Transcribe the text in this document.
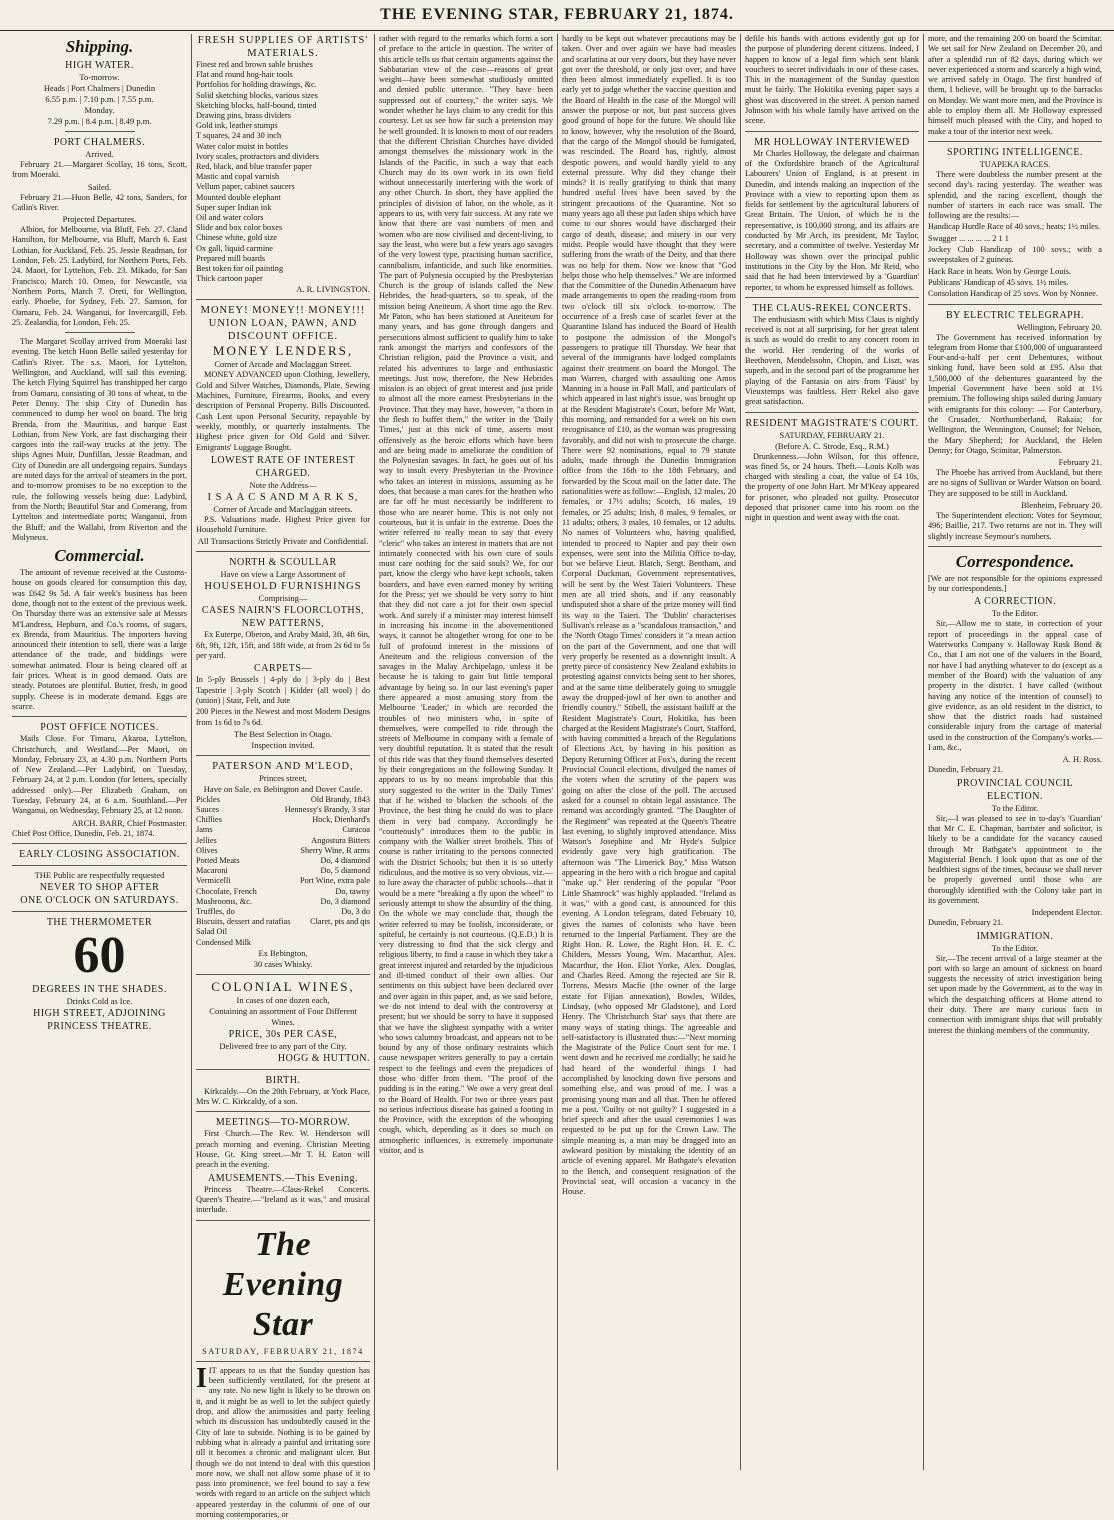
THE EVENING STAR, FEBRUARY 21, 1874.
Shipping.
HIGH WATER.
To-morrow.
Heads | Port Chalmers | Dunedin
6.55 p.m. | 7.10 p.m. | 7.55 p.m.
Monday.
7.29 p.m. | 8.4 p.m. | 8.49 p.m.
PORT CHALMERS.
Arrived.

February 21.—Margaret Scollay, 16 tons, Scott, from Moeraki.

Sailed.

February 21.—Huon Belle, 42 tons, Sanders, for Catlin's River.

Projected Departures.

Albion, for Melbourne, via Bluff, Feb. 27. Cland Hamilton, for Melbourne, via Bluff, March 6. East Lothian, for Auckland, Feb. 25. Jessie Readman, for London, Feb. 25. Ladybird, for Northern Ports, Feb. 24. Maori, for Lyttelton, Feb. 23. Mikado, for San Francisco, March 10. Omeo, for Newcastle, via Northern Ports, March 7. Oreti, for Wellington, early. Phoebe, for Sydney, Feb. 27. Samson, for Oamaru, Feb. 24. Wanganui, for Invercargill, Feb. 25. Zealandia, for London, Feb. 25.

The Margaret Scollay arrived from Moeraki last evening. The ketch Huon Belle sailed yesterday for Catlin's River. The s.s. Maori, for Lyttelton, Wellington, and Auckland, will sail this evening. The ketch Flying Squirrel has transhipped her cargo from Oamaru, consisting of 30 tons of wheat, to the Peter Denny. The ship City of Dunedin has commenced to dump her wool on board. The brig Brenda, from the Mauritius, and barque East Lothian, from New York, are fast discharging their cargoes into the rail-way trucks at the jetty. The ships Agnes Muir, Dunfillan, Jessie Readman, and City of Dunedin are all undergoing repairs. Sundays are noted days for the arrival of steamers in the port, and to-morrow promises to be no exception to the rule, the following vessels being due: Ladybird, from the North; Beautiful Star and Comerang, from Lyttelton and intermediate ports; Wanganui, from the Bluff; and the Wallabi, from Riverton and the Molyneux.

Commercial.

The amount of revenue received at the Customs-house on goods cleared for consumption this day, was £642 9s 5d. A fair week's business has been done, though not to the extent of the previous week. On Thursday there was an extensive sale at Messrs M'Landress, Hepburn, and Co.'s rooms, of sugars, ex Brenda, from Mauritius. The importers having announced their intention to sell, there was a large attendance of the trade, and biddings were somewhat animated. Flour is being cleared off at fair prices. Wheat is in good demand. Oats are steady. Potatoes are plentiful. Butter, fresh, in good supply. Cheese is in moderate demand. Eggs are scarce.

POST OFFICE NOTICES.

Mails Close. For Timaru, Akaroa, Lyttelton, Christchurch, and Westland.—Per Maori, on Monday, February 23, at 4.30 p.m. Northern Ports of New Zealand.—Per Ladybird, on Tuesday, February 24, at 2 p.m. London (for letters, specially addressed only).—Per Elizabeth Graham, on Tuesday, February 24, at 6 a.m. Southland.—Per Wanganui, on Wednesday, February 25, at 12 noon.

ARCH. BARR, Chief Postmaster.

Chief Post Office, Dunedin, Feb. 21, 1874.

EARLY CLOSING ASSOCIATION.
THE Public are respectfully requested
NEVER TO SHOP AFTER
ONE O'CLOCK ON SATURDAYS.
THE THERMOMETER
60
DEGREES IN THE SHADES.
Drinks Cold as Ice.
HIGH STREET, ADJOINING PRINCESS THEATRE.
FRESH SUPPLIES OF ARTISTS' MATERIALS.
Finest red and brown sable brushes
Flat and round hog-hair tools
Portfolios for holding drawings, &c.
Solid sketching blocks, various sizes
Sketching blocks, half-bound, tinted
Drawing pins, brass dividers
Gold ink, leather stumps
T squares, 24 and 30 inch
Water color moist in bottles
Ivory scales, protractors and dividers
Red, black, and blue transfer paper
Mastic and copal varnish
Vellum paper, cabinet saucers
Mounted double elephant
Super super Indian ink
Oil and water colors
Slide and box color boxes
Chinese white, gold size
Ox gall, liquid carmine
Prepared mill boards
Best token for oil painting
Thick cartoon paper
A. R. LIVINGSTON.
MONEY! MONEY!! MONEY!!!
UNION LOAN, PAWN, AND DISCOUNT OFFICE.
MONEY LENDERS,
Corner of Arcade and Maclaggan Street.

MONEY ADVANCED upon Clothing, Jewellery, Gold and Silver Watches, Diamonds, Plate, Sewing Machines, Furniture, Firearms, Books, and every description of Personal Property. Bills Discounted. Cash Lent upon Personal Security, repayable by weekly, monthly, or quarterly instalments. The Highest price given for Old Gold and Silver. Emigrants' Luggage Bought.

LOWEST RATE OF INTEREST CHARGED.
Note the Address—
I S A A C S AND M A R K S,
Corner of Arcade and Maclaggan streets.

P.S. Valuations made. Highest Price given for Household Furniture.

All Transactions Strictly Private and Confidential.
NORTH & SCOULLAR
Have on view a Large Assortment of
HOUSEHOLD FURNISHINGS
Comprising—
CASES NAIRN'S FLOORCLOTHS, NEW PATTERNS,

Ex Euterpe, Oberon, and Araby Maid, 3ft, 4ft 6in, 6ft, 9ft, 12ft, 15ft, and 18ft wide, at from 2s 6d to 5s per yard.

CARPETS—

In 5-ply Brussels | 4-ply do | 3-ply do | Best Tapestrie | 3-ply Scotch | Kidder (all wool) | do (union) | Stair, Felt, and Jute

200 Pieces in the Newest and most Modern Designs from 1s 6d to 7s 6d.

The Best Selection in Otago.
Inspection invited.
PATERSON AND M'LEOD,
Princes street,
Have on Sale, ex Bebington and Dover Castle.
Pickles	Old Brandy, 1843
Sauces	Hennessy's Brandy, 3 star
Chillies	Hock, Dienhard's
Jams	Curacoa
Jellies	Angostura Bitters
Olives	Sherry Wine, R arms
Potted Meats	Do, 4 diamond
Macaroni	Do, 5 diamond
Vermicelli	Port Wine, extra pale
Chocolate, French	Do, tawny
Mushrooms, &c.	Do, 3 diamond
Truffles, do	Do, 3 do
Biscuits, dessert and ratafias Claret, pts and qts
Salad Oil
Condensed Milk
Ex Bebington,
30 cases Whisky.
COLONIAL WINES,
In cases of one dozen each,
Containing an assortment of Four Different
Wines.
PRICE, 30s PER CASE,
Delivered free to any part of the City.
HOGG & HUTTON.
BIRTH.

Kirkcaldy.—On the 20th February, at York Place, Mrs W. C. Kirkcaldy, of a son.

MEETINGS—TO-MORROW.

First Church.—The Rev. W. Henderson will preach morning and evening. Christian Meeting House, Gt. King street.—Mr T. H. Eaton will preach in the evening.

AMUSEMENTS.—This Evening.

Princess Theatre.—Claus-Rekel Concerts. Queen's Theatre.—"Ireland as it was," and musical interlude.

The Evening Star
SATURDAY, FEBRUARY 21, 1874

IIT appears to us that the Sunday question has been sufficiently ventilated, for the present at any rate. No new light is likely to be thrown on it, and it might be as well to let the subject quietly drop, and allow the animosities and party feeling which its discussion has undoubtedly caused in the City of late to subside. Nothing is to be gained by rubbing what is already a painful and irritating sore till it becomes a chronic and malignant ulcer. But though we do not intend to deal with this question more now, we shall not allow some phase of it to pass into prominence, we feel bound to say a few words with regard to an article on the subject which appeared yesterday in the columns of one of our morning contemporaries, or

rather with regard to the remarks which form a sort of preface to the article in question. The writer of this article tells us that certain arguments against the Sabbatarian view of the case—reasons of great weight—have been somewhat studiously omitted and denied public utterance. "They have been suppressed out of courtesy," the writer says. We wonder whether he lays claim to any credit for this courtesy. Let us see how far such a pretension may be well grounded. It is known to most of our readers that the different Christian Churches have divided amongst themselves the missionary work in the Islands of the Pacific, in such a way that each Church may do its own work in its own field without unnecessarily interfering with the work of any other Church. In short, they have applied the principles of division of labor, on the whole, as it appears to us, with very fair success. At any rate we know that there are vast numbers of men and women who are now civilised and decent-living, to say the least, who were but a few years ago savages of the very lowest type, practising human sacrifice, cannibalism, infanticide, and such like enormities. The part of Polynesia occupied by the Presbyterian Church is the group of islands called the New Hebrides, the head-quarters, so to speak, of the mission being Aneiteum. A short time ago the Rev. Mr Paton, who has been stationed at Aneiteum for many years, and has gone through dangers and persecutions almost sufficient to qualify him to take rank amongst the martyrs and confessors of the Christian religion, paid the Province a visit, and related his adventures to large and enthusiastic meetings. Just now, therefore, the New Hebrides mission is an object of great interest and just pride to almost all the more earnest Presbyterians in the Province. That they may have, however, "a thorn in the flesh to buffet them," the writer in the 'Daily Times,' just at this nick of time, asserts most offensively as the heroic efforts which have been and are being made to ameliorate the condition of the Polynesian savages. In fact, he goes out of his way to insult every Presbyterian in the Province who takes an interest in missions, assuming as he does, that because a man cares for the heathen who are far off he must necessarily be indifferent to those who are nearer home. This is not only not courteous, but it is unfair in the extreme. Does the writer referred to really mean to say that every "cleric" who takes an interest in matters that are not intimately connected with his own cure of souls must care nothing for the said souls? We, for our part, know the clergy who have kept schools, taken boarders, and have even earned money by writing for the Press; yet we should be very sorry to hint that they did not care a jot for their own special work. And surely if a minister may interest himself in increasing his income in the abovementioned ways, it cannot be altogether wrong for one to be full of profound interest in the missions of Aneiteum and the religious conversion of the savages in the Malay Archipelago, unless it be because he is taking to gain but little temporal advantage by being so. In our last evening's paper there appeared a most amusing story from the Melbourne 'Leader,' in which are recorded the troubles of two ministers who, in spite of themselves, were compelled to ride through the streets of Melbourne in company with a female of very doubtful reputation. It is stated that the result of this ride was that they found themselves deserted by their congregations on the following Sunday. It appears to us by no means improbable that this story suggested to the writer in the 'Daily Times' that if he wished to blacken the schools of the Province, the best thing he could do was to place them in very bad company. Accordingly he "courteously" introduces them to the public in company with the Walker street brothels. This of course is rather irritating to the persons connected with the District Schools; but then it is so utterly ridiculous, and the motive is so very obvious, viz.—to lure away the character of public schools—that it would be a mere "breaking a fly upon the wheel" to seriously attempt to show the absurdity of the thing. On the whole we may conclude that, though the writer referred to may be foolish, inconsiderate, or spiteful, he certainly is not courteous. (Q.E.D.) It is very distressing to find that the sick clergy and religious liberty, to find a cause in which they take a great interest injured and retarded by the injudicious and ill-timed conduct of their own allies. Our sentiments on this subject have been declared over and over again in this paper, and, as we said before, we do not intend to deal with the controversy at present; but we should be sorry to have it supposed that we have the slightest sympathy with a writer who sows calumny broadcast, and appears not to be bound by any of those ordinary restraints which cause newspaper writers generally to pay a certain respect to the feelings and even the prejudices of those who differ from them. "The proof of the pudding is in the eating." We owe a very great deal to the Board of Health. For two or three years past no serious infectious disease has gained a footing in the Province, with the exception of the whooping cough, which, depending as it does so much on atmospheric influences, is extremely importunate visitor, and is

hardly to be kept out whatever precautions may be taken. Over and over again we have had measles and scarlatina at our very doors, but they have never got over the threshold, or only just over, and have then been almost immediately expelled. It is too early yet to judge whether the vaccine question and the Board of Health in the case of the Mongol will answer the purpose or not, but past success gives good ground of hope for the future. We should like to know, however, why the resolution of the Board, that the cargo of the Mongol should be fumigated, was rescinded. The Board has, rightly, almost despotic powers, and would hardly yield to any external pressure. Why did they change their minds? It is really gratifying to think that many hundred useful lives have been saved by the stringent precautions of the Quarantine. Not so many years ago all these put laden ships which have come to our shores would have discharged their cargo of death, disease, and misery in our very midst. People would have thought that they were suffering from the wrath of the Deity, and that there was no help for them. Now we know that "God helps those who help themselves." We are informed that the Committee of the Dunedin Athenaeum have made arrangements to open the reading-room from two o'clock till six o'clock to-morrow. The occurrence of a fresh case of scarlet fever at the Quarantine Island has induced the Board of Health to postpone the admission of the Mongol's passengers to pratique till Thursday. We hear that several of the immigrants have lodged complaints against their treatment on board the Mongol. The man Warren, charged with assaulting one Amos Manning in a house in Pall Mall, and particulars of which appeared in last night's issue, was brought up at the Resident Magistrate's Court, before Mr Watt, this morning, and remanded for a week on his own recognisance of £10, as the woman was progressing favorably, and did not wish to prosecute the charge. There were 92 nominations, equal to 79 statute adults, made through the Dunedin Immigration office from the 16th to the 18th February, and forwarded by the Scout mail on the latter date. The nationalities were as follow:—English, 12 males, 20 females, or 17½ adults; Scotch, 16 males, 19 females, or 25 adults; Irish, 8 males, 9 females, or 11 adults; others, 3 males, 10 females, or 12 adults. No names of Volunteers who, having qualified, intended to proceed to Napier and pay their own expenses, were sent into the Militia Office to-day, but we believe Lieut. Blatch, Sergt. Bentham, and Corporal Duckman, Government representatives, will be sent by the West Taieri Volunteers. These men are all tried shots, and if any reasonably undisputed shot a share of the prize money will find its way to the Taieri. The 'Dublin' characterises Sullivan's release as a "scandalous transaction," and the 'North Otago Times' considers it "a mean action on the part of the Government, and one that will very properly be resented as a downright insult. A pretty piece of consistency New Zealand exhibits in protesting against convicts being sent to her shores, and at the same time deliberately going to smuggle away the dropped-jowl of her own to another and friendly country." Stibell, the assistant bailiff at the Resident Magistrate's Court, Hokitika, has been charged at the Resident Magistrate's Court, Stafford, with having committed a breach of the Regulations of Elections Act, by having in his position as Deputy Returning Officer at Fox's, during the recent Provincial Council elections, divulged the names of the voters when the scrutiny of the papers was going on after the close of the poll. The accused asked for a counsel to obtain legal assistance. The remand was accordingly granted. "The Daughter of the Regiment" was repeated at the Queen's Theatre last evening, to slightly improved attendance. Miss Watson's Josephine and Mr Hyde's Sulpice evidently gave very high gratification. The afternoon was "The Limerick Boy," Miss Watson appearing in the hero with a rich brogue and capital "make up." Her rendering of the popular "Poor Little Shamrock" was highly applauded. "Ireland as it was," with a good cast, is announced for this evening. A London telegram, dated February 10, gives the names of colonists who have been returned to the Imperial Parliament. They are the Right Hon. R. Lowe, the Right Hon. H. E. C. Childers, Messrs Young, Wm. Macarthur, Alex. Macarthur, the Hon. Eliot Yorke, Alex. Douglas, and Charles Reed. Among the rejected are Sir R. Torrens, Messrs Macfie (the owner of the large estate for Fijian annexation), Bowles, Wildes, Lindsay, (who opposed Mr Gladstone), and Lord Henry. The 'Christchurch Star' says that there are many ways of stating things. The agreeable and self-satisfactory is illustrated thus:—"Next morning the Magistrate of the Police Court sent for me. I went down and he received me cordially; he said he had heard of the wonderful things I had accomplished by knocking down five persons and something else, and was proud of me. I was a promising young man and all that. Then he offered me a post. 'Guilty or not guilty?' I suggested in a brief speech and after the usual ceremonies I was requested to be put up for the Crown Law. The simple meaning is, a man may be dragged into an awkward position by mistaking the identity of an article of evening apparel. Mr Bathgate's elevation to the Bench, and consequent resignation of the Provincial seat, will occasion a vacancy in the House.

defile his hands with actions evidently got up for the purpose of plundering decent citizens. Indeed, I happen to know of a legal firm which sent blank vouchers to secret individuals in one of these cases. This in the management of the Sunday question must be fairly. The Hokitika evening paper says a ghost was discovered in the street. A person named Johnson with his whole family have arrived on the scene.

MR HOLLOWAY INTERVIEWED

Mr Charles Holloway, the delegate and chairman of the Oxfordshire branch of the Agricultural Labourers' Union of England, is at present in Dunedin, and intends making an inspection of the Province with a view to reporting upon them as fields for settlement by the agricultural laborers of Great Britain. The Union, of which he is the representative, is 100,000 strong, and its affairs are conducted by Mr Arch, its president, Mr Taylor, secretary, and a committee of twelve. Yesterday Mr Holloway was shown over the principal public institutions in the City by the Hon. Mr Reid, who said that he had been interviewed by a 'Guardian' reporter, to whom he expressed himself as follows.

THE CLAUS-REKEL CONCERTS.

The enthusiasm with which Miss Claus is nightly received is not at all surprising, for her great talent is such as would do credit to any concert room in the world. Her rendering of the works of Beethoven, Mendelssohn, Chopin, and Liszt, was superb, and in the second part of the programme her playing of the Fantasia on airs from 'Faust' by Vieuxtemps was faultless. Herr Rekel also gave great satisfaction.

RESIDENT MAGISTRATE'S COURT.
SATURDAY, FEBRUARY 21.
(Before A. C. Strode, Esq., R.M.)

Drunkenness.—John Wilson, for this offence, was fined 5s, or 24 hours. Theft.—Louis Kolb was charged with stealing a coat, the value of £4 10s, the property of one John Hart. Mr M'Keay appeared for prisoner, who pleaded not guilty. Prosecutor deposed that prisoner came into his room on the night in question and went away with the coat.

more, and the remaining 200 on board the Scimitar. We set sail for New Zealand on December 20, and after a splendid run of 82 days, during which we never experienced a storm and scarcely a high wind, we arrived safely in Otago. The first hundred of them, I believe, will be brought up to the barracks on Monday. We want more men, and the Province is able to employ them all. Mr Holloway expressed himself much pleased with the City, and hoped to make a tour of the interior next week.

SPORTING INTELLIGENCE.
TUAPEKA RACES.

There were doubtless the number present at the second day's racing yesterday. The weather was splendid, and the racing excellent, though the number of starters in each race was small. The following are the results:—

Handicap Hurdle Race of 40 sovs.; heats; 1½ miles.

Swagger ... ... ... ... 2 1 1

Jockey Club Handicap of 100 sovs.; with a sweepstakes of 2 guineas.

Hack Race in heats. Won by George Louis.

Publicans' Handicap of 45 sovs. 1½ miles.

Consolation Handicap of 25 sovs. Won by Nonnee.

BY ELECTRIC TELEGRAPH.
Wellington, February 20.

The Government has received information by telegram from Home that £100,000 of unguaranteed Four-and-a-half per cent Debentures, without sinking fund, have been sold at £95. Also that 1,500,000 of the debentures guaranteed by the Imperial Government have been sold at 1½ premium. The following ships sailed during January with emigrants for this colony: — For Canterbury, the Crusader, Northumberland, Rakaia; for Wellington, the Wennington, Counsel; for Nelson, the Mary Shepherd; for Auckland, the Helen Denny; for Otago, Scimitar, Palmerston.

February 21.

The Phoebe has arrived from Auckland, but there are no signs of Sullivan or Warder Watson on board. They are supposed to be still in Auckland.

Blenheim, February 20.

The Superintendent election: Votes for Seymour, 496; Baillie, 217. Two returns are not in. They will slightly increase Seymour's numbers.

Correspondence.

[We are not responsible for the opinions expressed by our correspondents.]

A CORRECTION.
To the Editor.

Sir,—Allow me to state, in correction of your report of proceedings in the appeal case of Waterworks Company v. Halloway Rusk Bond & Co., that I am not one of the valuers in the Board, nor have I had anything whatever to do (except as a member of the Board) with the valuation of any property in the district. I have called (without having any notice of the intention of counsel) to give evidence, as an old resident in the district, to show that the district roads had sustained considerable injury from the cartage of material used in the construction of the Company's works.—I am, &c.,

A. H. Ross.

Dunedin, February 21.

PROVINCIAL COUNCIL ELECTION.
To the Editor.

Sir,—I was pleased to see in to-day's 'Guardian' that Mr C. E. Chapman, barrister and solicitor, is likely to be a candidate for the vacancy caused through Mr Bathgate's appointment to the Magisterial Bench. I look upon that as one of the healthiest signs of the times, because we shall never be properly governed until those who are thoroughly identified with the Colony take part in its government.

Independent Elector.

Dunedin, February 21.

IMMIGRATION.
To the Editor.

Sir,—The recent arrival of a large steamer at the port with so large an amount of sickness on board suggests the necessity of strict investigation being set upon made by the Government, as to the way in which the despatching officers at Home attend to their duty. There are many curious facts in connection with immigrant ships that will probably interest the thinking members of the community.
